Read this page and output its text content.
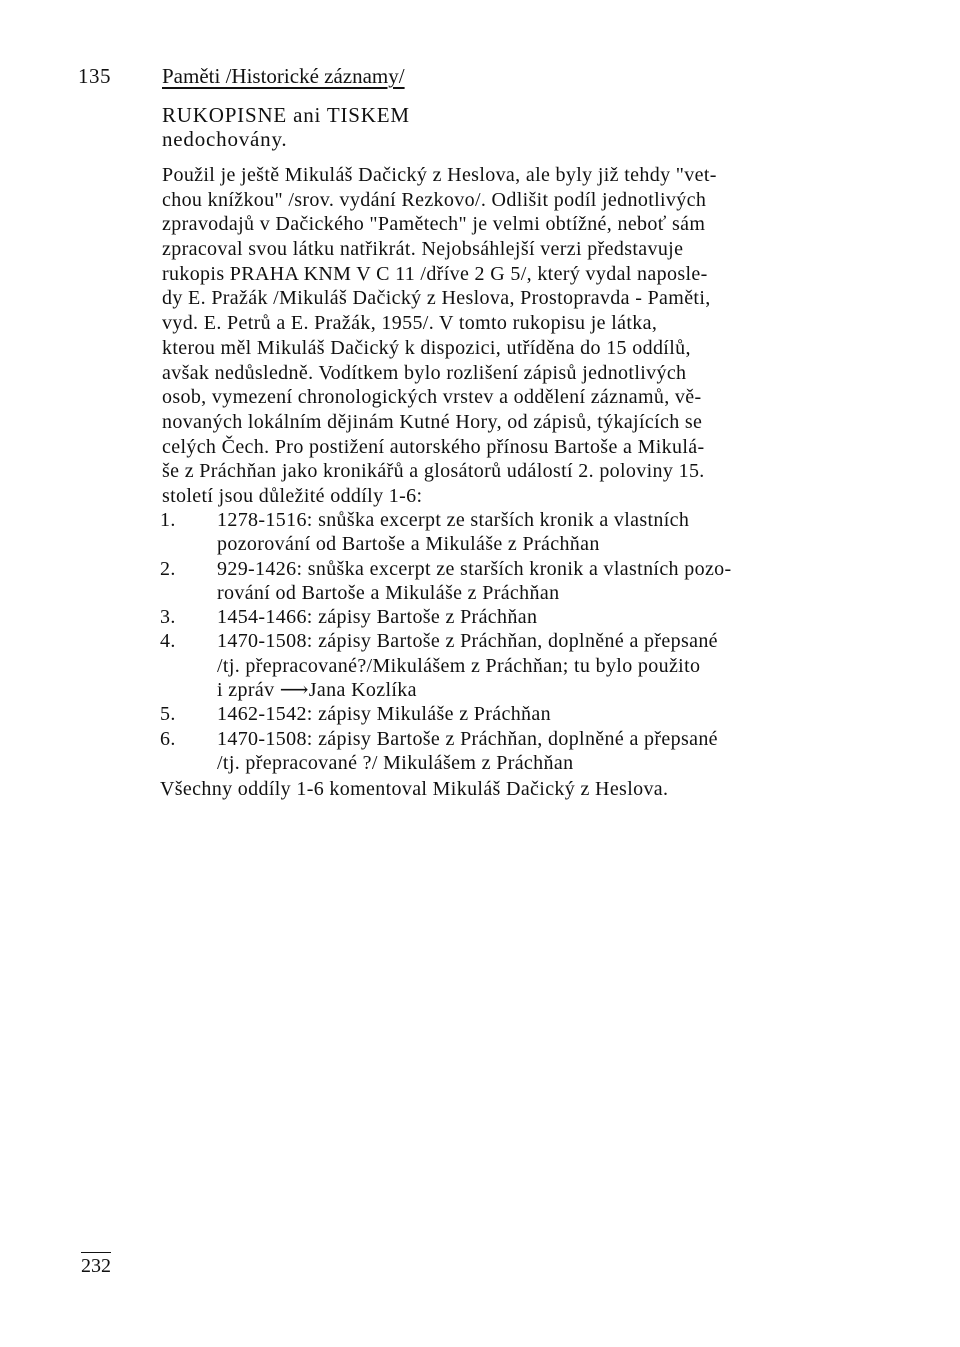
135 Paměti /Historické záznamy/
RUKOPISNE ani TISKEM
nedochovány.
Použil je ještě Mikuláš Dačický z Heslova, ale byly již tehdy "vet-
chou knížkou" /srov. vydání Rezkovo/. Odlišit podíl jednotlivých
zpravodajů v Dačického "Pamětech" je velmi obtížné, neboť sám
zpracoval svou látku natřikrát. Nejobsáhlejší verzi představuje
rukopis PRAHA KNM V C 11 /dříve 2 G 5/, který vydal naposle-
dy E. Pražák /Mikuláš Dačický z Heslova, Prostopravda - Paměti,
vyd. E. Petrů a E. Pražák, 1955/. V tomto rukopisu je látka,
kterou měl Mikuláš Dačický k dispozici, utříděna do 15 oddílů,
avšak nedůsledně. Vodítkem bylo rozlišení zápisů jednotlivých
osob, vymezení chronologických vrstev a oddělení záznamů, vě-
novaných lokálním dějinám Kutné Hory, od zápisů, týkajících se
celých Čech. Pro postižení autorského přínosu Bartoše a Mikulá-
še z Práchňan jako kronikářů a glosátorů událostí 2. poloviny 15.
století jsou důležité oddíly 1-6:
1. 1278-1516: snůška excerpt ze starších kronik a vlastních
pozorování od Bartoše a Mikuláše z Práchňan
2. 929-1426: snůška excerpt ze starších kronik a vlastních pozo-
rování od Bartoše a Mikuláše z Práchňan
3. 1454-1466: zápisy Bartoše z Práchňan
4. 1470-1508: zápisy Bartoše z Práchňan, doplněné a přepsané
/tj. přepracované?/Mikulášem z Práchňan; tu bylo použito
i zpráv ⟶Jana Kozlíka
5. 1462-1542: zápisy Mikuláše z Práchňan
6. 1470-1508: zápisy Bartoše z Práchňan, doplněné a přepsané
/tj. přepracované ?/ Mikulášem z Práchňan
Všechny oddíly 1-6 komentoval Mikuláš Dačický z Heslova.
232
